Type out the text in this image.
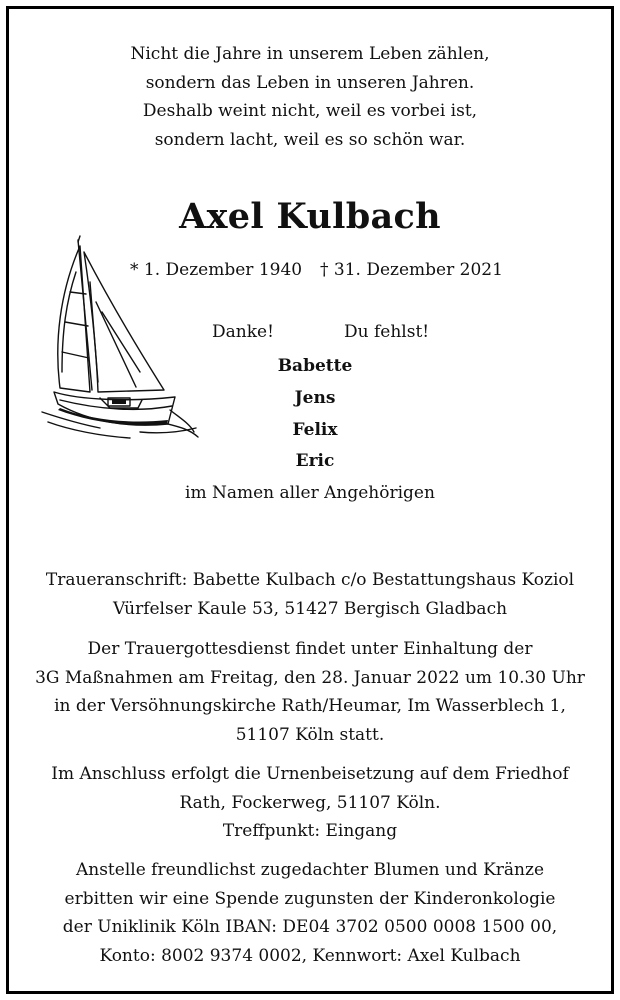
Nicht die Jahre in unserem Leben zählen,
sondern das Leben in unseren Jahren.
Deshalb weint nicht, weil es vorbei ist,
sondern lacht, weil es so schön war.
Axel Kulbach
* 1. Dezember 1940 † 31. Dezember 2021
Danke!	Du fehlst!
Babette
Jens
Felix
Eric
im Namen aller Angehörigen
Traueranschrift: Babette Kulbach c/o Bestattungshaus Koziol
Vürfelser Kaule 53, 51427 Bergisch Gladbach
Der Trauergottesdienst findet unter Einhaltung der
3G Maßnahmen am Freitag, den 28. Januar 2022 um 10.30 Uhr
in der Versöhnungskirche Rath/Heumar, Im Wasserblech 1,
51107 Köln statt.
Im Anschluss erfolgt die Urnenbeisetzung auf dem Friedhof
Rath, Fockerweg, 51107 Köln.
Treffpunkt: Eingang
Anstelle freundlichst zugedachter Blumen und Kränze
erbitten wir eine Spende zugunsten der Kinderonkologie
der Uniklinik Köln IBAN: DE04 3702 0500 0008 1500 00,
Konto: 8002 9374 0002, Kennwort: Axel Kulbach
